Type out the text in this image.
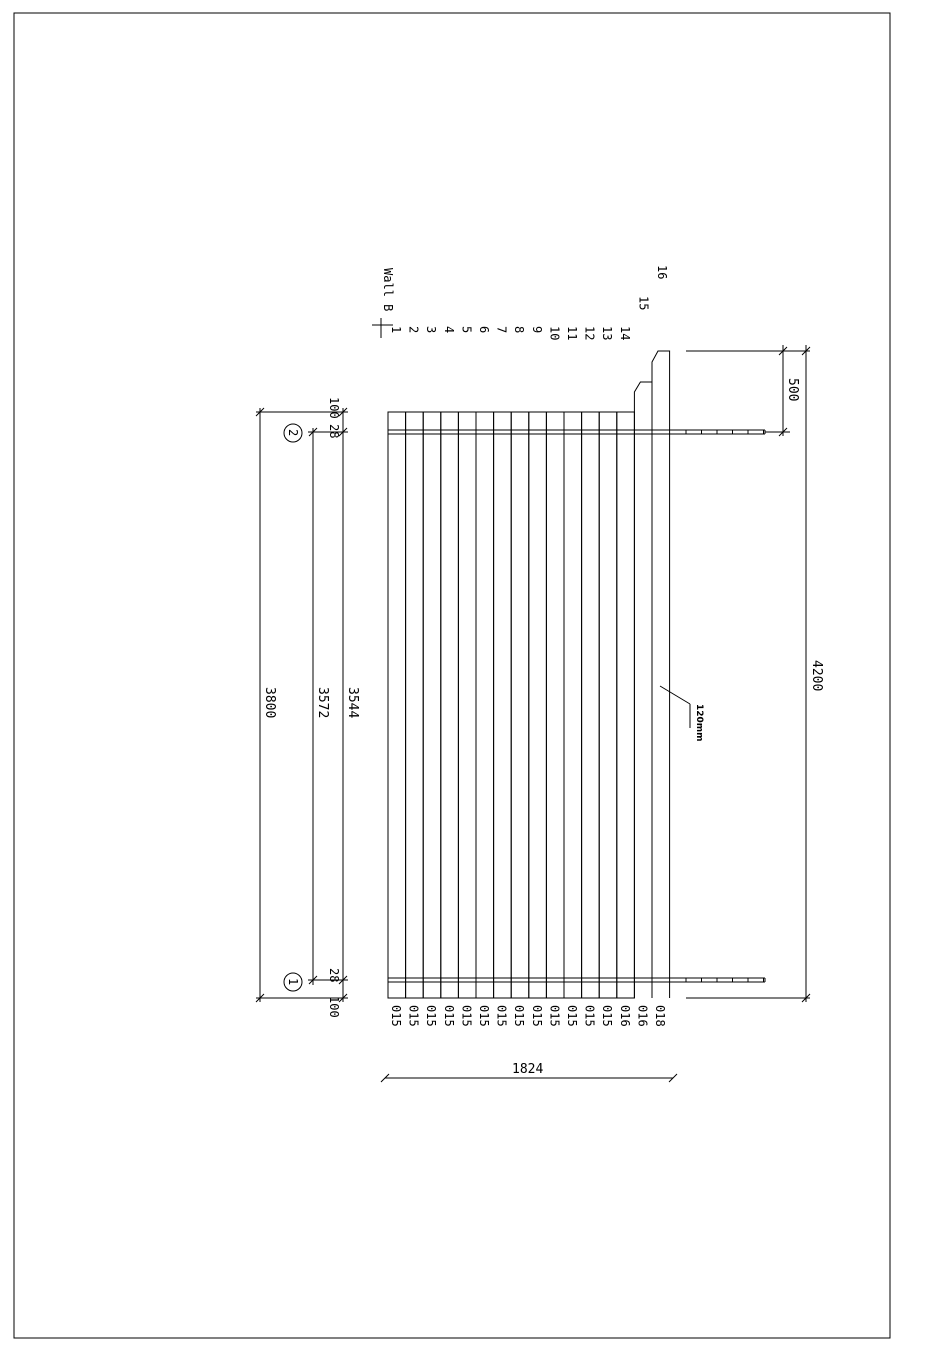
1 2 3 4 5 6 7 8 9 10 11 12 13 14
15
16
015 015 015 015 015 015 015 015 015 015 015 015 015 016 016 018
Wall B
4200
500
3800	3572 3544
100
28
28
100
2
1
1824
120mm
